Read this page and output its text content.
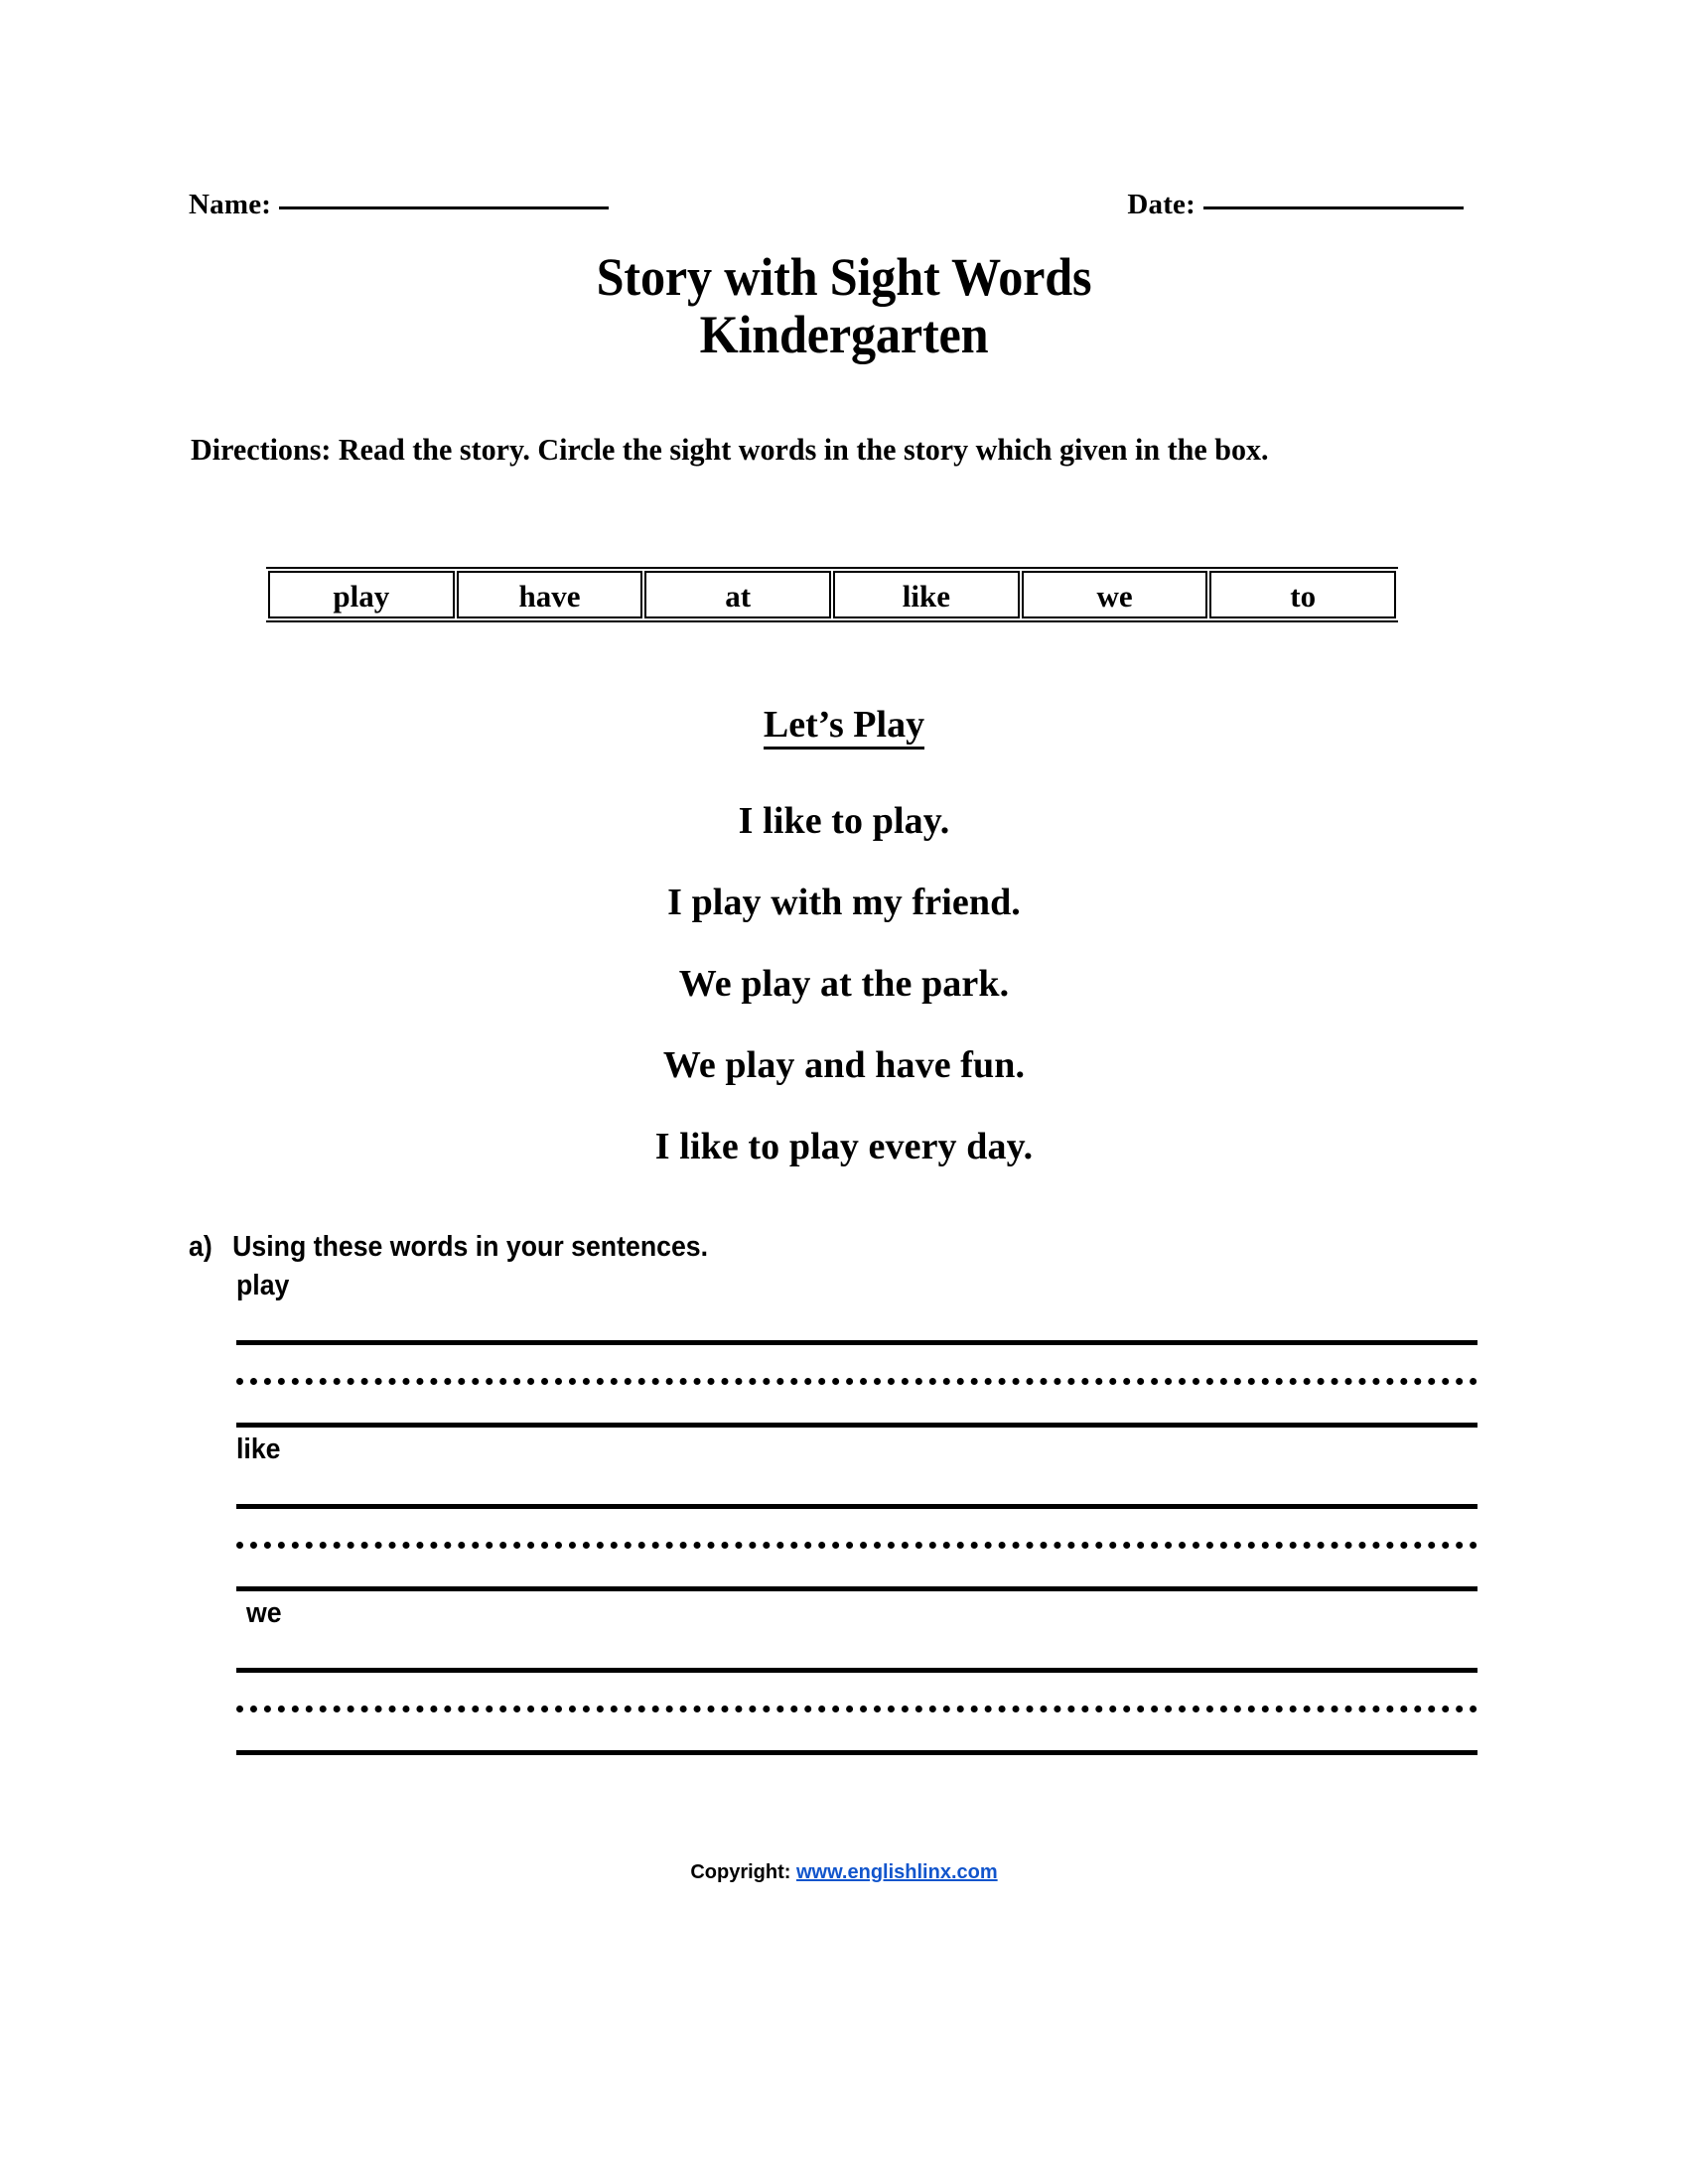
Name:	Date:
Story with Sight Words
Kindergarten
Directions: Read the story. Circle the sight words in the story which given in the box.
play	have	at	like	we	to
Let’s Play
I like to play.
I play with my friend.
We play at the park.
We play and have fun.
I like to play every day.
a) Using these words in your sentences.
play
like
we
Copyright: www.englishlinx.com
